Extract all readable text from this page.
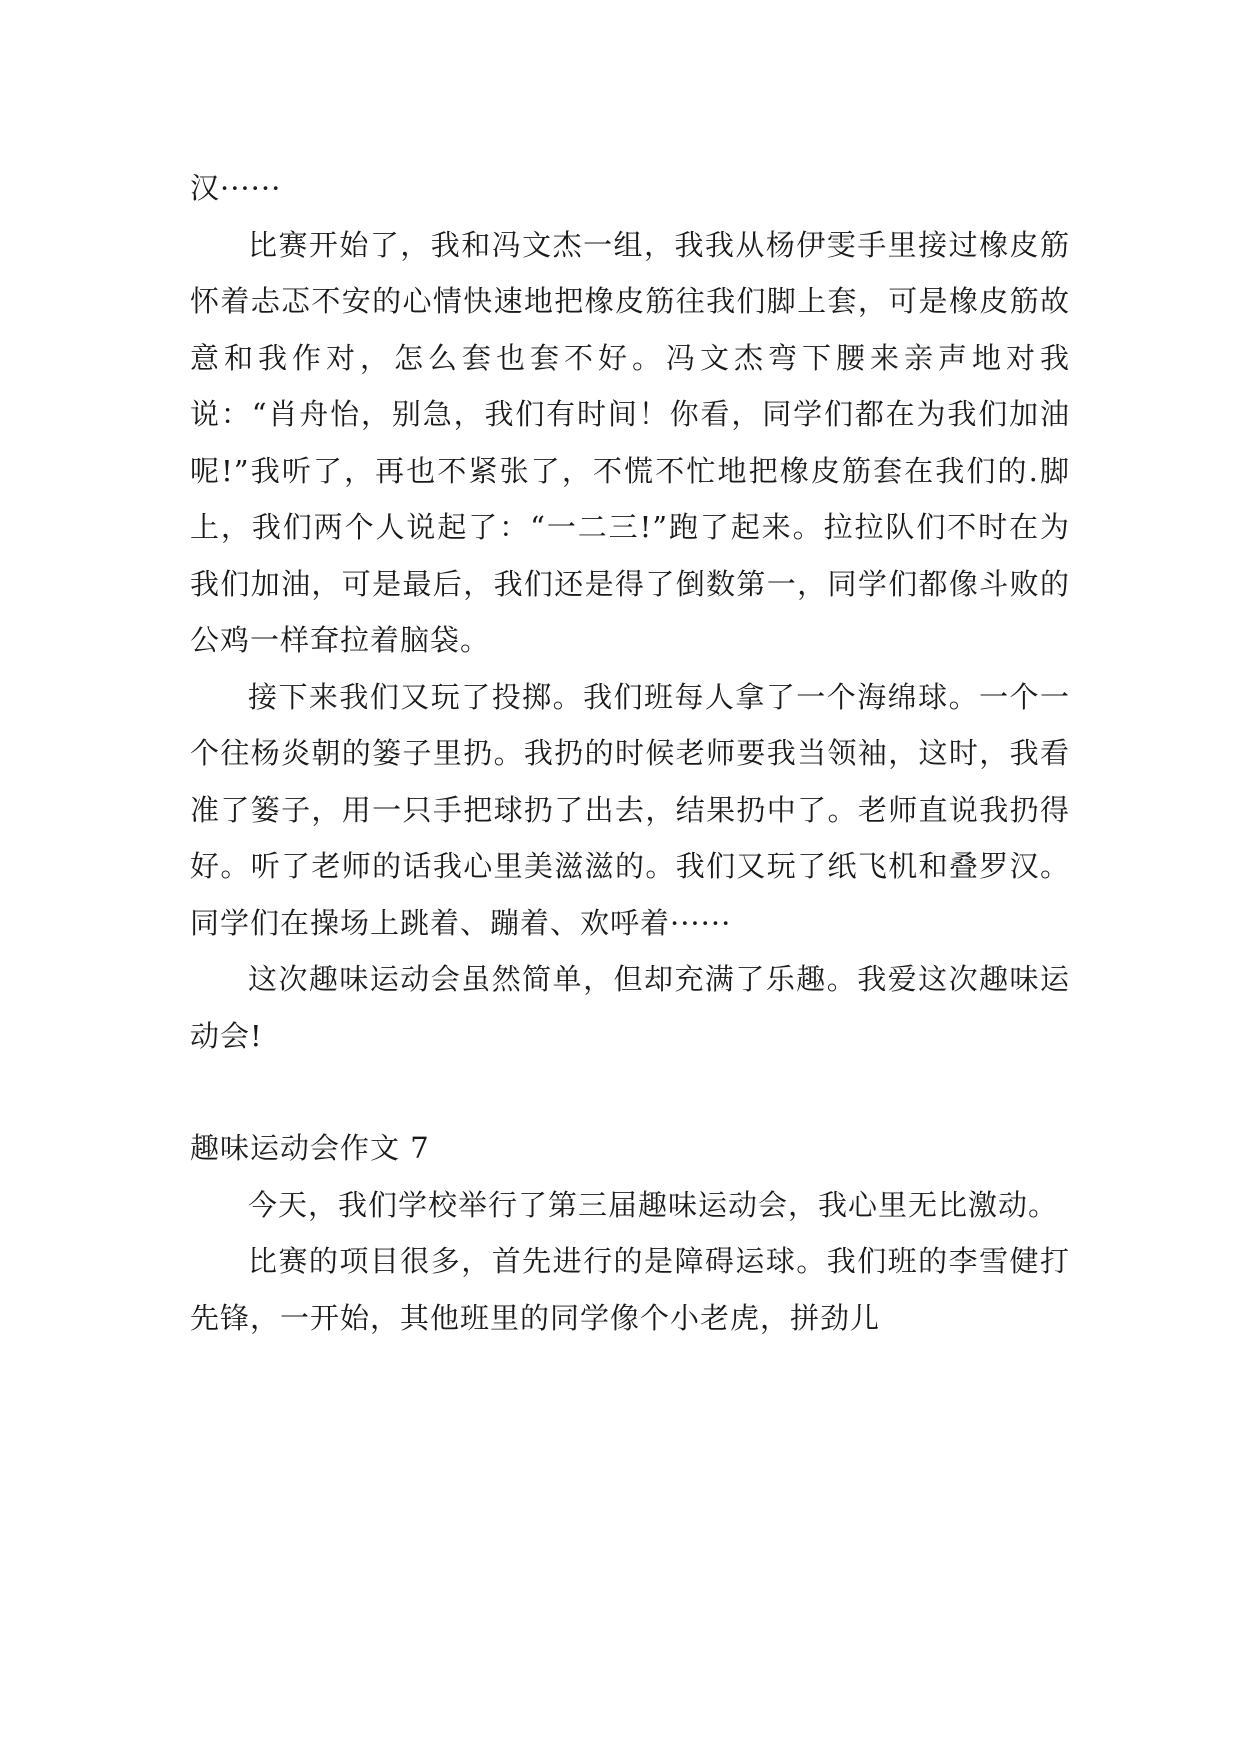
汉······

比赛开始了，我和冯文杰一组，我我从杨伊雯手里接过橡皮筋怀着忐忑不安的心情快速地把橡皮筋往我们脚上套，可是橡皮筋故意和我作对，怎么套也套不好。冯文杰弯下腰来亲声地对我说：“肖舟怡，别急，我们有时间！你看，同学们都在为我们加油呢!”我听了，再也不紧张了，不慌不忙地把橡皮筋套在我们的.脚上，我们两个人说起了：“一二三!”跑了起来。拉拉队们不时在为我们加油，可是最后，我们还是得了倒数第一，同学们都像斗败的公鸡一样耷拉着脑袋。

接下来我们又玩了投掷。我们班每人拿了一个海绵球。一个一个往杨炎朝的篓子里扔。我扔的时候老师要我当领袖，这时，我看准了篓子，用一只手把球扔了出去，结果扔中了。老师直说我扔得好。听了老师的话我心里美滋滋的。我们又玩了纸飞机和叠罗汉。同学们在操场上跳着、蹦着、欢呼着······

这次趣味运动会虽然简单，但却充满了乐趣。我爱这次趣味运动会!

趣味运动会作文 7

今天，我们学校举行了第三届趣味运动会，我心里无比激动。

比赛的项目很多，首先进行的是障碍运球。我们班的李雪健打先锋，一开始，其他班里的同学像个小老虎，拼劲儿
